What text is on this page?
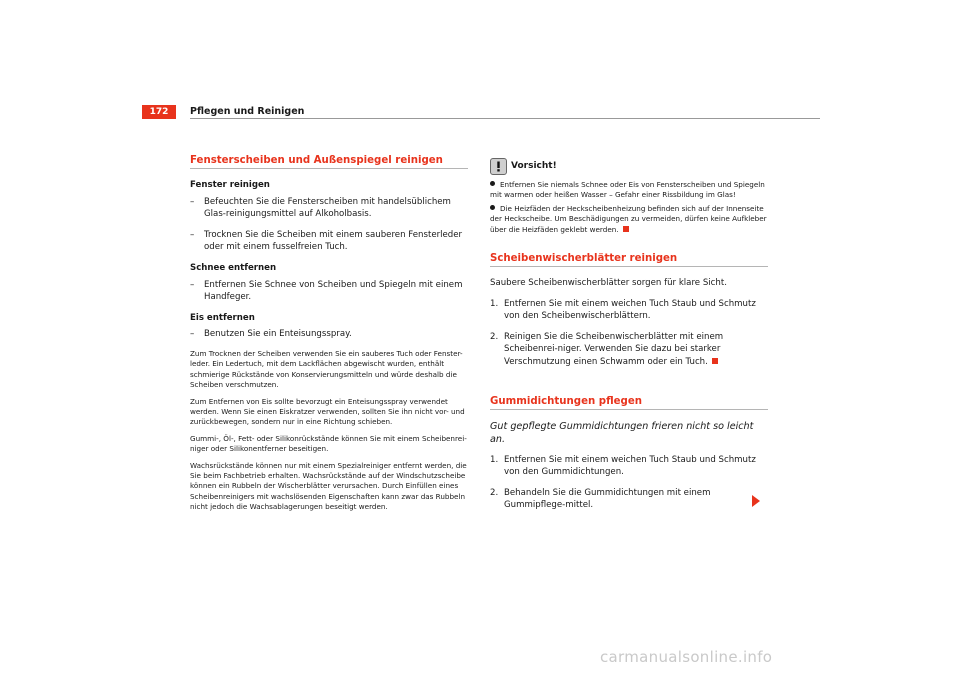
172	Pflegen und Reinigen
Fensterscheiben und Außenspiegel reinigen
Fenster reinigen
– Befeuchten Sie die Fensterscheiben mit handelsüblichem Glas-reinigungsmittel auf Alkoholbasis.
– Trocknen Sie die Scheiben mit einem sauberen Fensterleder oder mit einem fusselfreien Tuch.
Schnee entfernen
– Entfernen Sie Schnee von Scheiben und Spiegeln mit einem Handfeger.
Eis entfernen
– Benutzen Sie ein Enteisungsspray.
Zum Trocknen der Scheiben verwenden Sie ein sauberes Tuch oder Fenster-leder. Ein Ledertuch, mit dem Lackflächen abgewischt wurden, enthält schmierige Rückstände von Konservierungsmitteln und würde deshalb die Scheiben verschmutzen.
Zum Entfernen von Eis sollte bevorzugt ein Enteisungsspray verwendet werden. Wenn Sie einen Eiskratzer verwenden, sollten Sie ihn nicht vor- und zurückbewegen, sondern nur in eine Richtung schieben.
Gummi-, Öl-, Fett- oder Silikonrückstände können Sie mit einem Scheibenrei-niger oder Silikonentferner beseitigen.
Wachsrückstände können nur mit einem Spezialreiniger entfernt werden, die Sie beim Fachbetrieb erhalten. Wachsrückstände auf der Windschutzscheibe können ein Rubbeln der Wischerblätter verursachen. Durch Einfüllen eines Scheibenreinigers mit wachslösenden Eigenschaften kann zwar das Rubbeln nicht jedoch die Wachsablagerungen beseitigt werden.
Vorsicht!
Entfernen Sie niemals Schnee oder Eis von Fensterscheiben und Spiegeln mit warmen oder heißen Wasser – Gefahr einer Rissbildung im Glas!
Die Heizfäden der Heckscheibenheizung befinden sich auf der Innenseite der Heckscheibe. Um Beschädigungen zu vermeiden, dürfen keine Aufkleber über die Heizfäden geklebt werden.
Scheibenwischerblätter reinigen
Saubere Scheibenwischerblätter sorgen für klare Sicht.
1. Entfernen Sie mit einem weichen Tuch Staub und Schmutz von den Scheibenwischerblättern.
2. Reinigen Sie die Scheibenwischerblätter mit einem Scheibenrei-niger. Verwenden Sie dazu bei starker Verschmutzung einen Schwamm oder ein Tuch.
Gummidichtungen pflegen
Gut gepflegte Gummidichtungen frieren nicht so leicht an.
1. Entfernen Sie mit einem weichen Tuch Staub und Schmutz von den Gummidichtungen.
2. Behandeln Sie die Gummidichtungen mit einem Gummipflege-mittel.
carmanualsonline.info
